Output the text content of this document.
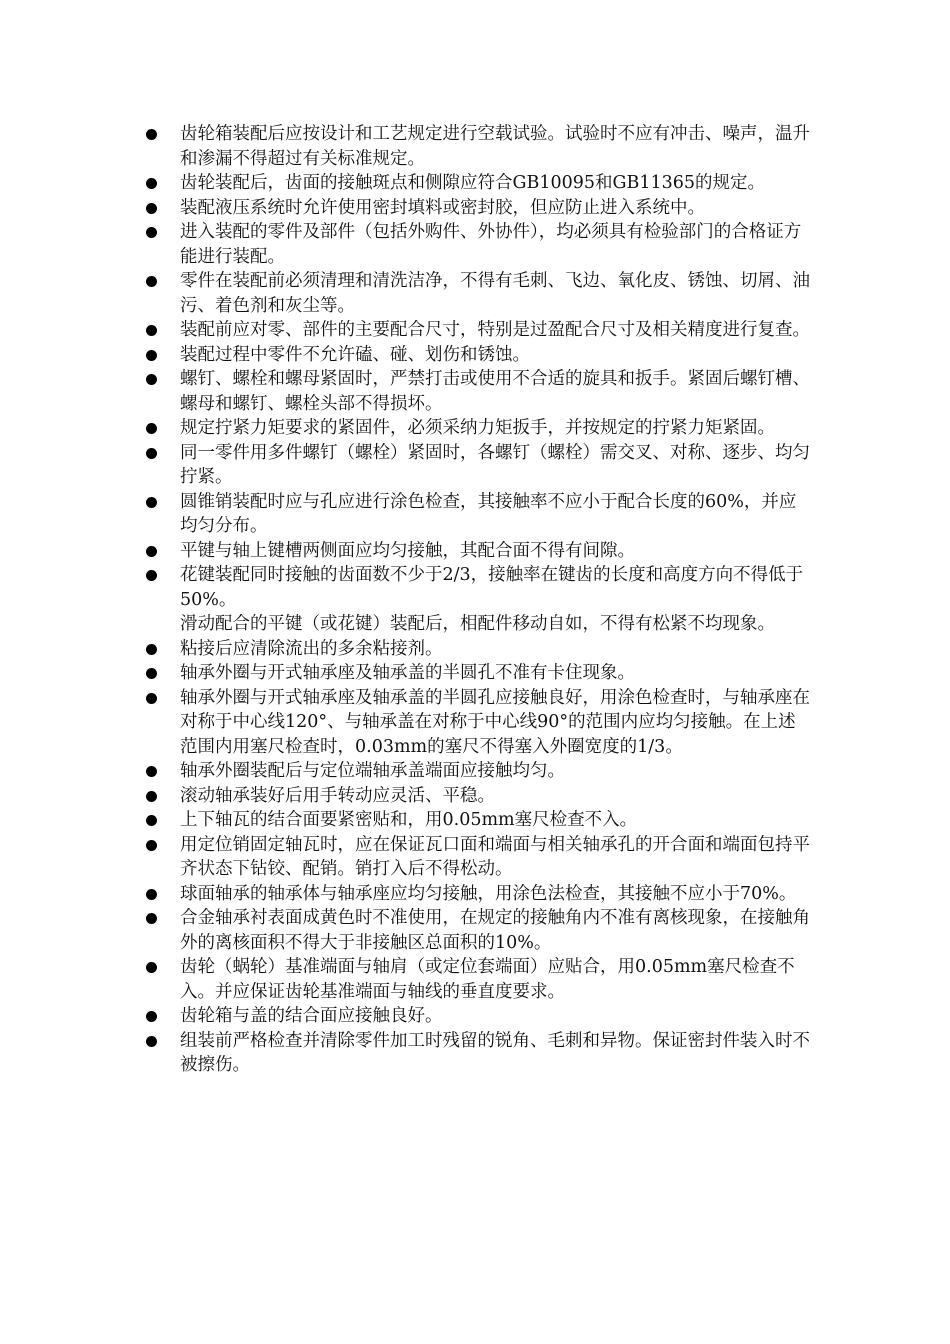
齿轮箱装配后应按设计和工艺规定进行空载试验。试验时不应有冲击、噪声，温升和渗漏不得超过有关标准规定。
齿轮装配后，齿面的接触斑点和侧隙应符合GB10095和GB11365的规定。
装配液压系统时允许使用密封填料或密封胶，但应防止进入系统中。
进入装配的零件及部件（包括外购件、外协件），均必须具有检验部门的合格证方能进行装配。
零件在装配前必须清理和清洗洁净，不得有毛刺、飞边、氧化皮、锈蚀、切屑、油污、着色剂和灰尘等。
装配前应对零、部件的主要配合尺寸，特别是过盈配合尺寸及相关精度进行复查。
装配过程中零件不允许磕、碰、划伤和锈蚀。
螺钉、螺栓和螺母紧固时，严禁打击或使用不合适的旋具和扳手。紧固后螺钉槽、螺母和螺钉、螺栓头部不得损坏。
规定拧紧力矩要求的紧固件，必须采纳力矩扳手，并按规定的拧紧力矩紧固。
同一零件用多件螺钉（螺栓）紧固时，各螺钉（螺栓）需交叉、对称、逐步、均匀拧紧。
圆锥销装配时应与孔应进行涂色检查，其接触率不应小于配合长度的60%，并应均匀分布。
平键与轴上键槽两侧面应均匀接触，其配合面不得有间隙。
花键装配同时接触的齿面数不少于2/3，接触率在键齿的长度和高度方向不得低于50%。
滑动配合的平键（或花键）装配后，相配件移动自如，不得有松紧不均现象。
粘接后应清除流出的多余粘接剂。
轴承外圈与开式轴承座及轴承盖的半圆孔不准有卡住现象。
轴承外圈与开式轴承座及轴承盖的半圆孔应接触良好，用涂色检查时，与轴承座在对称于中心线120°、与轴承盖在对称于中心线90°的范围内应均匀接触。在上述范围内用塞尺检查时，0.03mm的塞尺不得塞入外圈宽度的1/3。
轴承外圈装配后与定位端轴承盖端面应接触均匀。
滚动轴承装好后用手转动应灵活、平稳。
上下轴瓦的结合面要紧密贴和，用0.05mm塞尺检查不入。
用定位销固定轴瓦时，应在保证瓦口面和端面与相关轴承孔的开合面和端面包持平齐状态下钻铰、配销。销打入后不得松动。
球面轴承的轴承体与轴承座应均匀接触，用涂色法检查，其接触不应小于70%。
合金轴承衬表面成黄色时不准使用，在规定的接触角内不准有离核现象，在接触角外的离核面积不得大于非接触区总面积的10%。
齿轮（蜗轮）基准端面与轴肩（或定位套端面）应贴合，用0.05mm塞尺检查不入。并应保证齿轮基准端面与轴线的垂直度要求。
齿轮箱与盖的结合面应接触良好。
组装前严格检查并清除零件加工时残留的锐角、毛刺和异物。保证密封件装入时不被擦伤。
